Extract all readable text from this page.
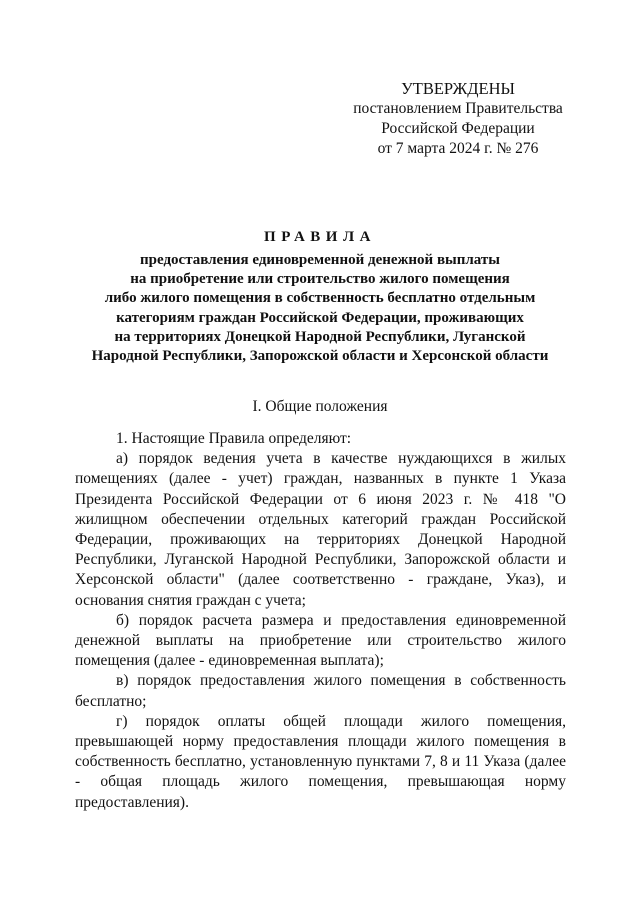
УТВЕРЖДЕНЫ
постановлением Правительства
Российской Федерации
от 7 марта 2024 г. № 276
ПРАВИЛА
предоставления единовременной денежной выплаты
на приобретение или строительство жилого помещения
либо жилого помещения в собственность бесплатно отдельным
категориям граждан Российской Федерации, проживающих
на территориях Донецкой Народной Республики, Луганской
Народной Республики, Запорожской области и Херсонской области
I. Общие положения

1. Настоящие Правила определяют:

а) порядок ведения учета в качестве нуждающихся в жилых помещениях (далее - учет) граждан, названных в пункте 1 Указа Президента Российской Федерации от 6 июня 2023 г. № 418 "О жилищном обеспечении отдельных категорий граждан Российской Федерации, проживающих на территориях Донецкой Народной Республики, Луганской Народной Республики, Запорожской области и Херсонской области" (далее соответственно - граждане, Указ), и основания снятия граждан с учета;

б) порядок расчета размера и предоставления единовременной денежной выплаты на приобретение или строительство жилого помещения (далее - единовременная выплата);

в) порядок предоставления жилого помещения в собственность бесплатно;

г) порядок оплаты общей площади жилого помещения, превышающей норму предоставления площади жилого помещения в собственность бесплатно, установленную пунктами 7, 8 и 11 Указа (далее - общая площадь жилого помещения, превышающая норму предоставления).
